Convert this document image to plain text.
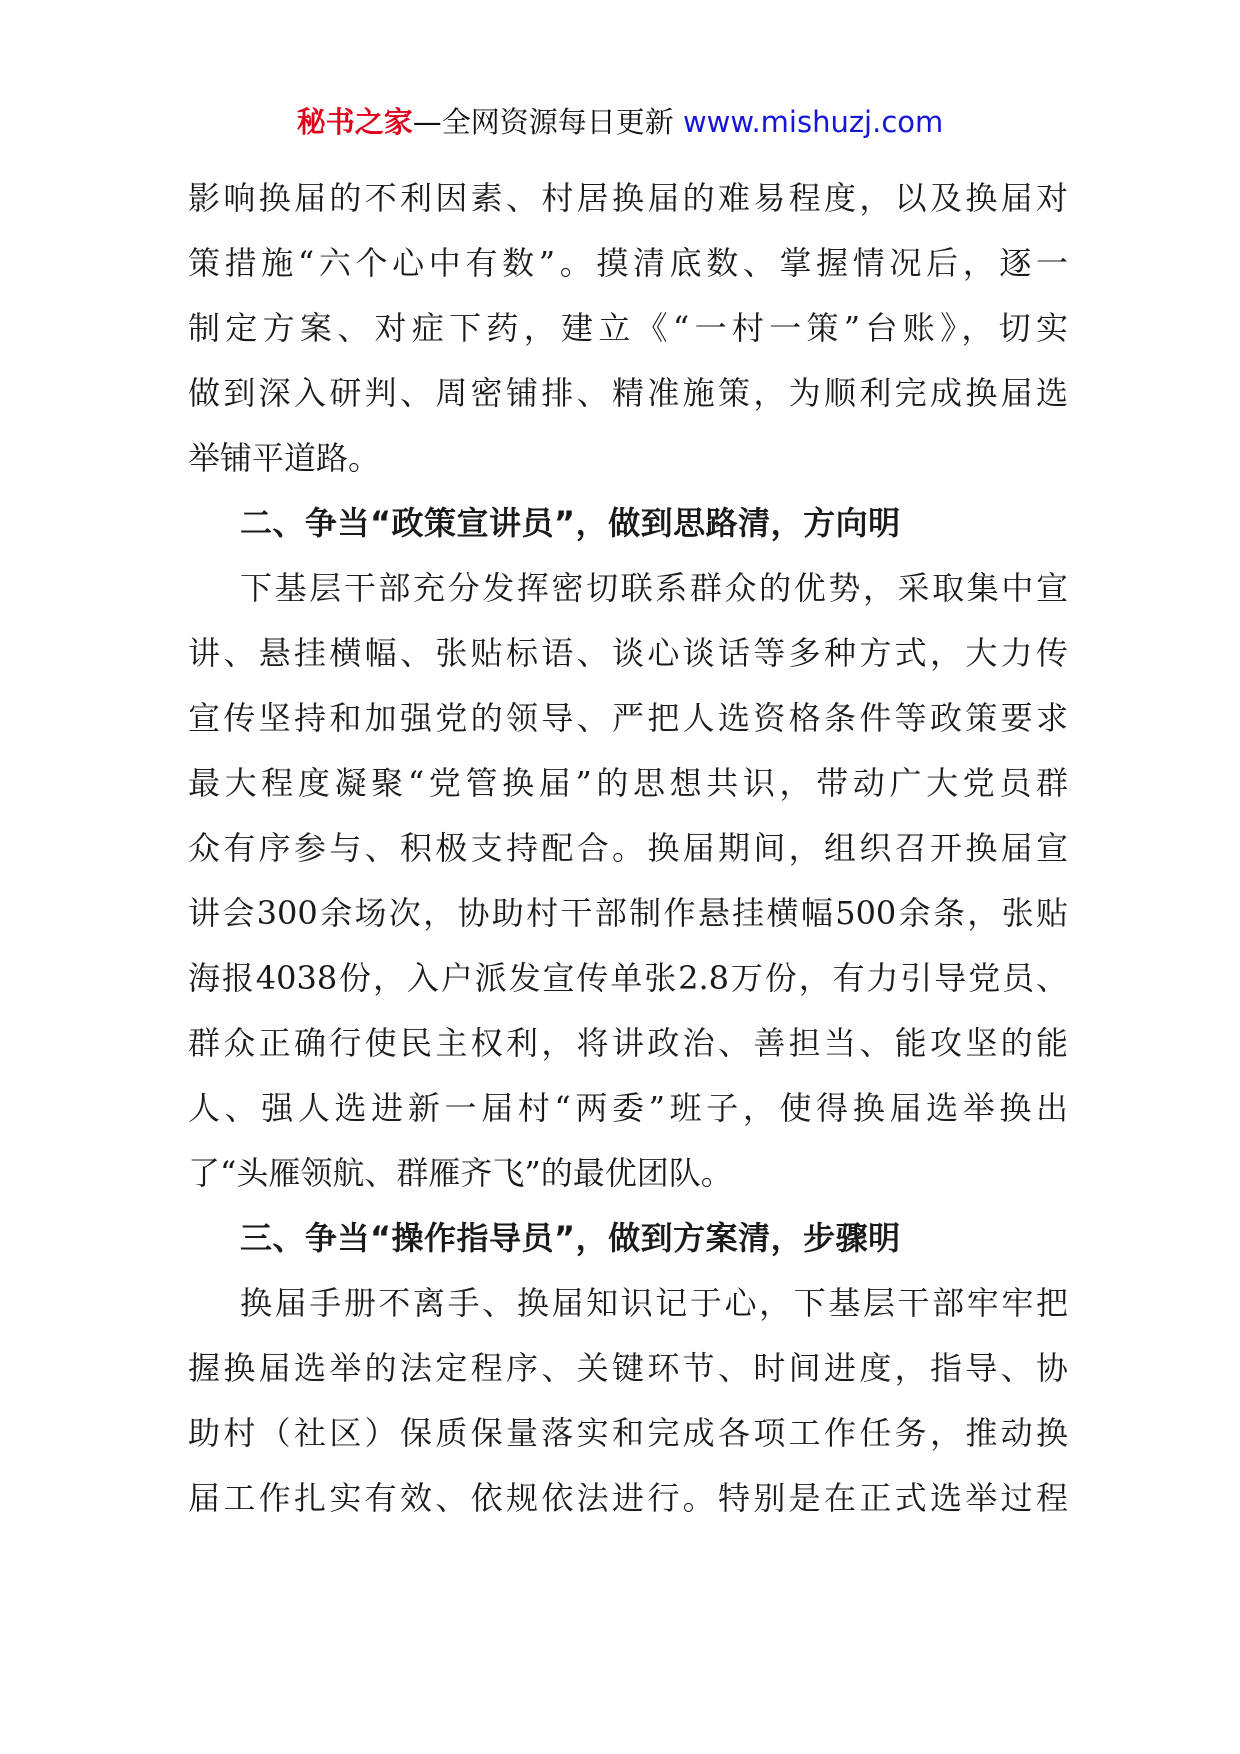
秘书之家—全网资源每日更新 www.mishuzj.com
影响换届的不利因素、村居换届的难易程度，以及换届对
策措施“六个心中有数”。摸清底数、掌握情况后，逐一
制定方案、对症下药，建立《“一村一策”台账》，切实
做到深入研判、周密铺排、精准施策，为顺利完成换届选
举铺平道路。
二、争当“政策宣讲员”，做到思路清，方向明
下基层干部充分发挥密切联系群众的优势，采取集中宣
讲、悬挂横幅、张贴标语、谈心谈话等多种方式，大力传
宣传坚持和加强党的领导、严把人选资格条件等政策要求
最大程度凝聚“党管换届”的思想共识，带动广大党员群
众有序参与、积极支持配合。换届期间，组织召开换届宣
讲会300余场次，协助村干部制作悬挂横幅500余条，张贴
海报4038份，入户派发宣传单张2.8万份，有力引导党员、
群众正确行使民主权利，将讲政治、善担当、能攻坚的能
人、强人选进新一届村“两委”班子，使得换届选举换出
了“头雁领航、群雁齐飞”的最优团队。
三、争当“操作指导员”，做到方案清，步骤明
换届手册不离手、换届知识记于心，下基层干部牢牢把
握换届选举的法定程序、关键环节、时间进度，指导、协
助村（社区）保质保量落实和完成各项工作任务，推动换
届工作扎实有效、依规依法进行。特别是在正式选举过程
